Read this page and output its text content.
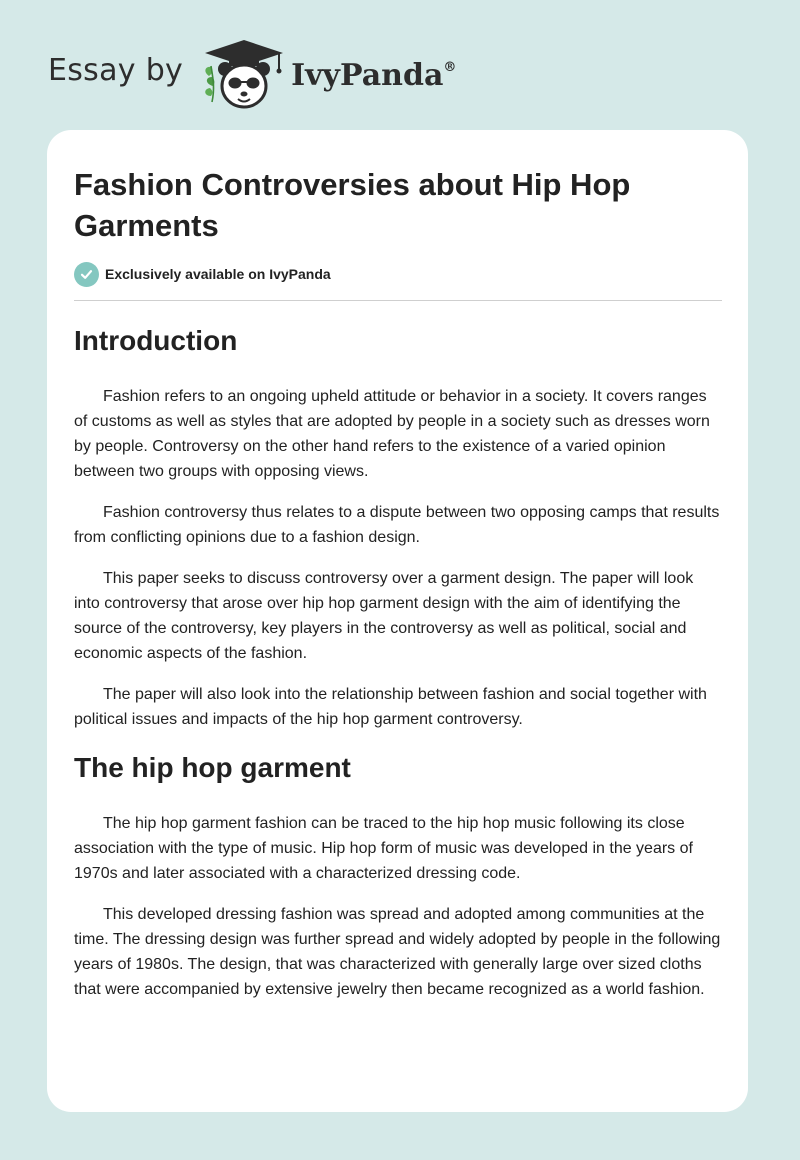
Essay by	IvyPanda®
Fashion Controversies about Hip Hop Garments
Exclusively available on IvyPanda
Introduction

Fashion refers to an ongoing upheld attitude or behavior in a society. It covers ranges of customs as well as styles that are adopted by people in a society such as dresses worn by people. Controversy on the other hand refers to the existence of a varied opinion between two groups with opposing views.

Fashion controversy thus relates to a dispute between two opposing camps that results from conflicting opinions due to a fashion design.

This paper seeks to discuss controversy over a garment design. The paper will look into controversy that arose over hip hop garment design with the aim of identifying the source of the controversy, key players in the controversy as well as political, social and economic aspects of the fashion.

The paper will also look into the relationship between fashion and social together with political issues and impacts of the hip hop garment controversy.

The hip hop garment

The hip hop garment fashion can be traced to the hip hop music following its close association with the type of music. Hip hop form of music was developed in the years of 1970s and later associated with a characterized dressing code.

This developed dressing fashion was spread and adopted among communities at the time. The dressing design was further spread and widely adopted by people in the following years of 1980s. The design, that was characterized with generally large over sized cloths that were accompanied by extensive jewelry then became recognized as a world fashion.
